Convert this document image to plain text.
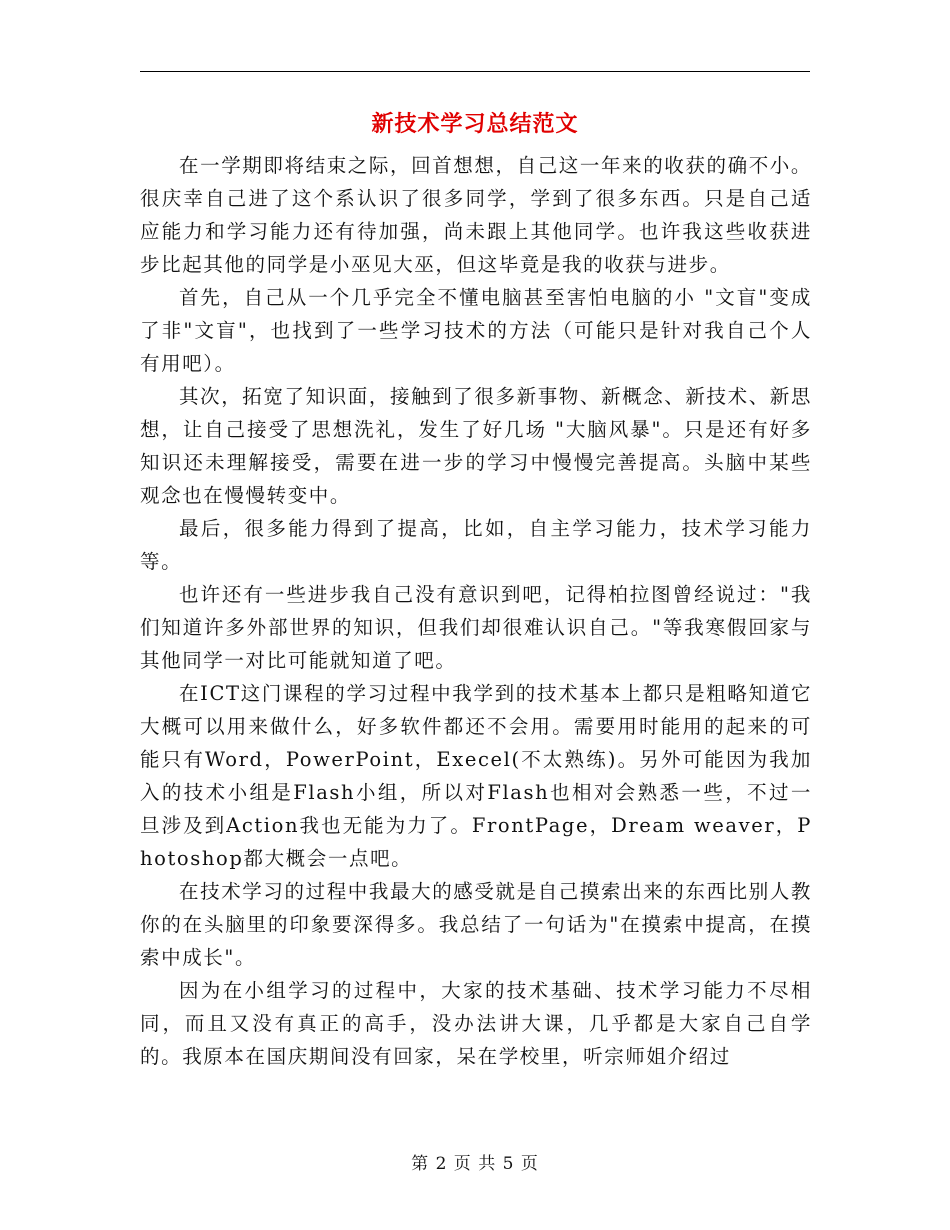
新技术学习总结范文

在一学期即将结束之际，回首想想，自己这一年来的收获的确不小。很庆幸自己进了这个系认识了很多同学，学到了很多东西。只是自己适应能力和学习能力还有待加强，尚未跟上其他同学。也许我这些收获进步比起其他的同学是小巫见大巫，但这毕竟是我的收获与进步。

首先，自己从一个几乎完全不懂电脑甚至害怕电脑的小 "文盲"变成了非"文盲"，也找到了一些学习技术的方法（可能只是针对我自己个人有用吧）。

其次，拓宽了知识面，接触到了很多新事物、新概念、新技术、新思想，让自己接受了思想洗礼，发生了好几场 "大脑风暴"。只是还有好多知识还未理解接受，需要在进一步的学习中慢慢完善提高。头脑中某些观念也在慢慢转变中。

最后，很多能力得到了提高，比如，自主学习能力，技术学习能力等。

也许还有一些进步我自己没有意识到吧，记得柏拉图曾经说过："我们知道许多外部世界的知识，但我们却很难认识自己。"等我寒假回家与其他同学一对比可能就知道了吧。

在ICT这门课程的学习过程中我学到的技术基本上都只是粗略知道它大概可以用来做什么，好多软件都还不会用。需要用时能用的起来的可能只有Word，PowerPoint，Execel(不太熟练)。另外可能因为我加入的技术小组是Flash小组，所以对Flash也相对会熟悉一些，不过一旦涉及到Action我也无能为力了。FrontPage，Dream weaver，Photoshop都大概会一点吧。

在技术学习的过程中我最大的感受就是自己摸索出来的东西比别人教你的在头脑里的印象要深得多。我总结了一句话为"在摸索中提高，在摸索中成长"。

因为在小组学习的过程中，大家的技术基础、技术学习能力不尽相同，而且又没有真正的高手，没办法讲大课，几乎都是大家自己自学的。我原本在国庆期间没有回家，呆在学校里，听宗师姐介绍过

第 2 页 共 5 页
